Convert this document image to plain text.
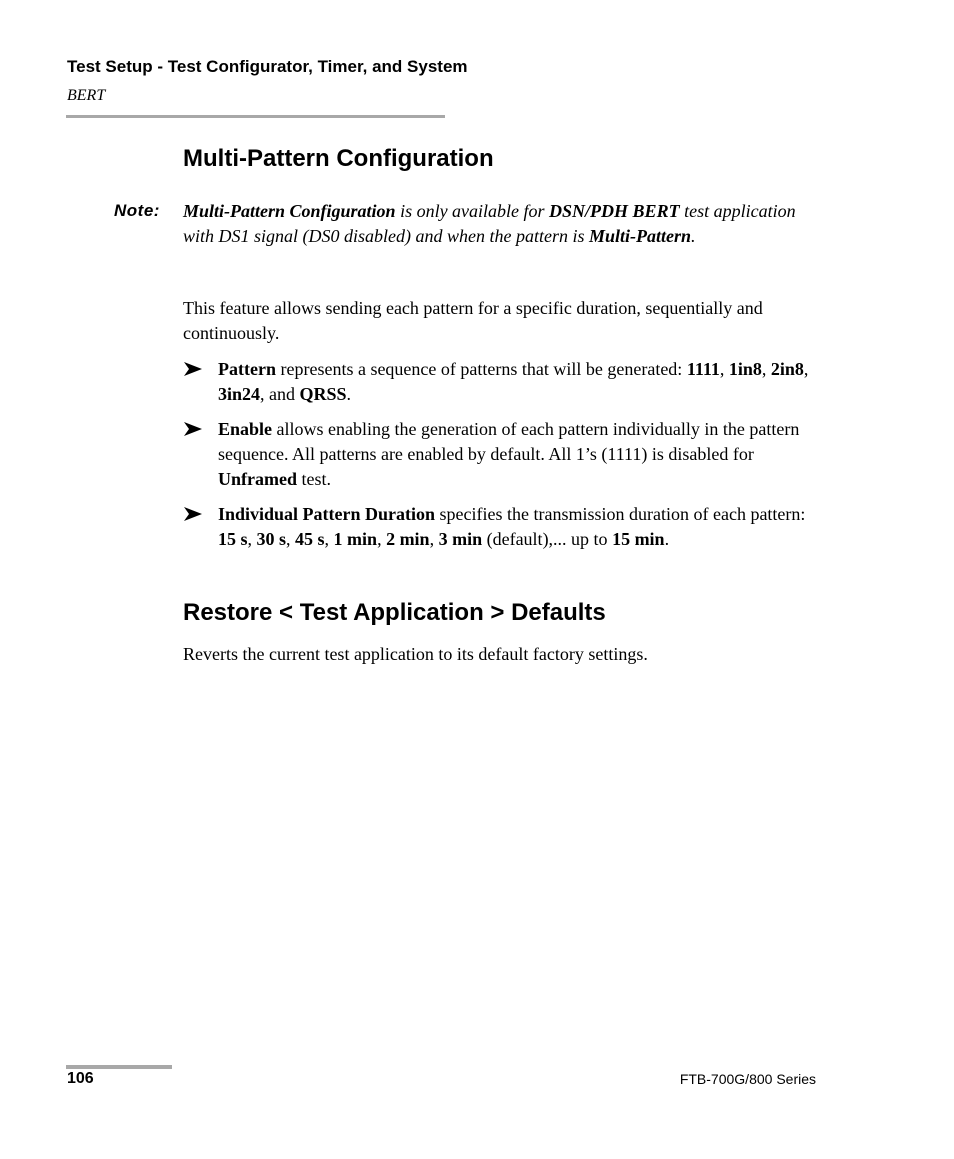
Test Setup - Test Configurator, Timer, and System
BERT
Multi-Pattern Configuration
Note: Multi-Pattern Configuration is only available for DSN/PDH BERT test application with DS1 signal (DS0 disabled) and when the pattern is Multi-Pattern.
This feature allows sending each pattern for a specific duration, sequentially and continuously.
Pattern represents a sequence of patterns that will be generated: 1111, 1in8, 2in8, 3in24, and QRSS.
Enable allows enabling the generation of each pattern individually in the pattern sequence. All patterns are enabled by default. All 1’s (1111) is disabled for Unframed test.
Individual Pattern Duration specifies the transmission duration of each pattern: 15 s, 30 s, 45 s, 1 min, 2 min, 3 min (default),... up to 15 min.
Restore < Test Application > Defaults
Reverts the current test application to its default factory settings.
106	FTB-700G/800 Series
